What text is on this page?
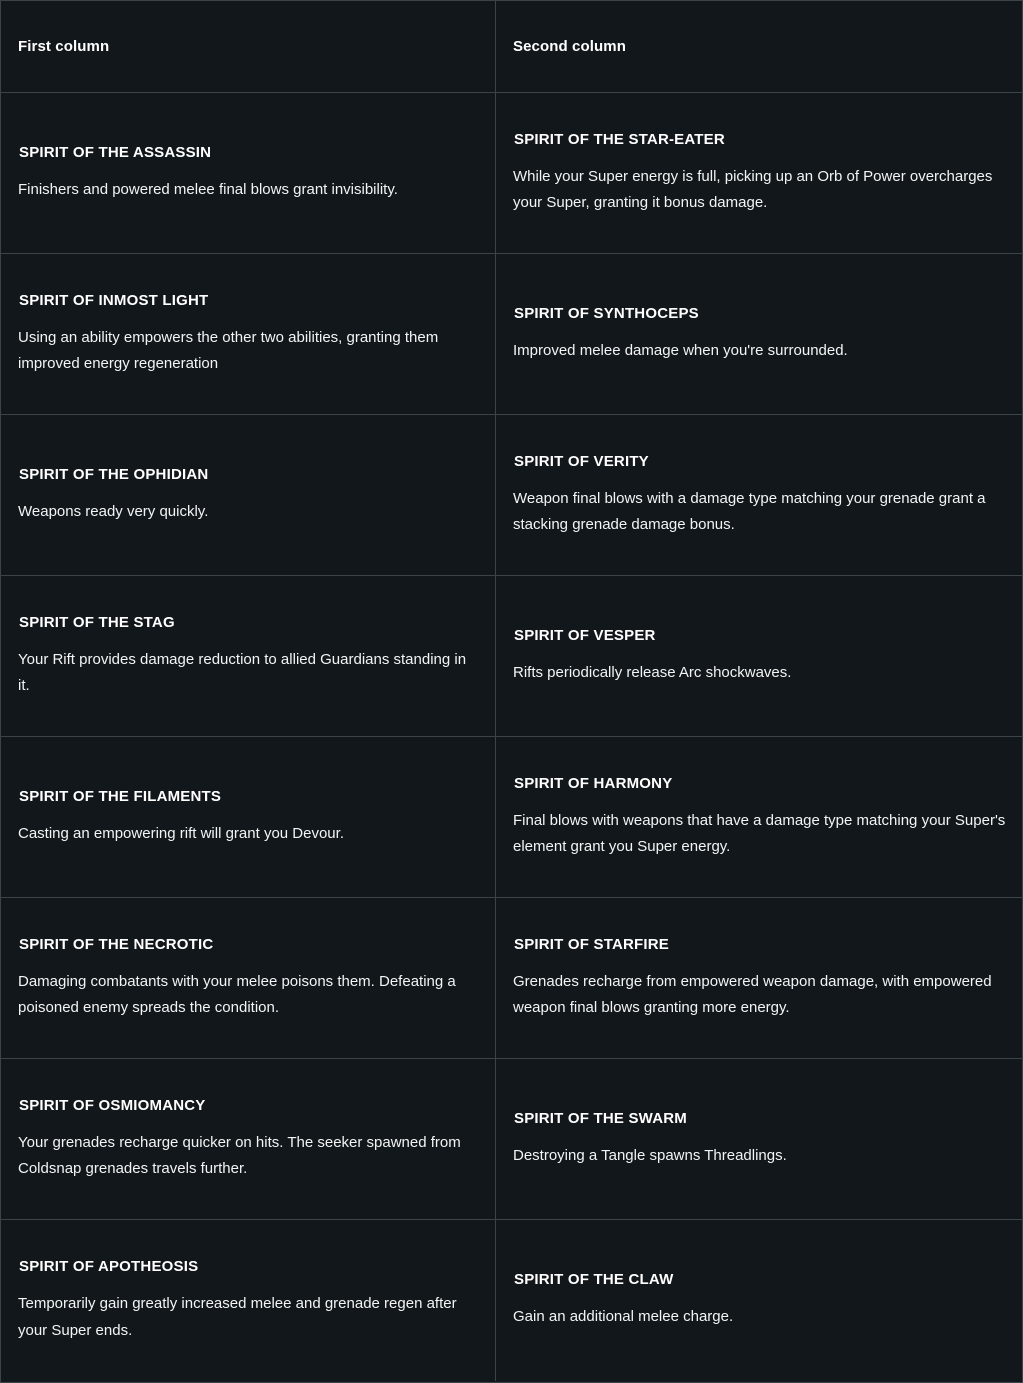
First column	Second column
SPIRIT OF THE ASSASSIN
Finishers and powered melee final blows grant invisibility.
SPIRIT OF THE STAR-EATER
While your Super energy is full, picking up an Orb of Power overcharges your Super, granting it bonus damage.
SPIRIT OF INMOST LIGHT
Using an ability empowers the other two abilities, granting them improved energy regeneration
SPIRIT OF SYNTHOCEPS
Improved melee damage when you're surrounded.
SPIRIT OF THE OPHIDIAN
Weapons ready very quickly.
SPIRIT OF VERITY
Weapon final blows with a damage type matching your grenade grant a stacking grenade damage bonus.
SPIRIT OF THE STAG
Your Rift provides damage reduction to allied Guardians standing in it.
SPIRIT OF VESPER
Rifts periodically release Arc shockwaves.
SPIRIT OF THE FILAMENTS
Casting an empowering rift will grant you Devour.
SPIRIT OF HARMONY
Final blows with weapons that have a damage type matching your Super's element grant you Super energy.
SPIRIT OF THE NECROTIC
Damaging combatants with your melee poisons them. Defeating a poisoned enemy spreads the condition.
SPIRIT OF STARFIRE
Grenades recharge from empowered weapon damage, with empowered weapon final blows granting more energy.
SPIRIT OF OSMIOMANCY
Your grenades recharge quicker on hits. The seeker spawned from Coldsnap grenades travels further.
SPIRIT OF THE SWARM
Destroying a Tangle spawns Threadlings.
SPIRIT OF APOTHEOSIS
Temporarily gain greatly increased melee and grenade regen after your Super ends.
SPIRIT OF THE CLAW
Gain an additional melee charge.
